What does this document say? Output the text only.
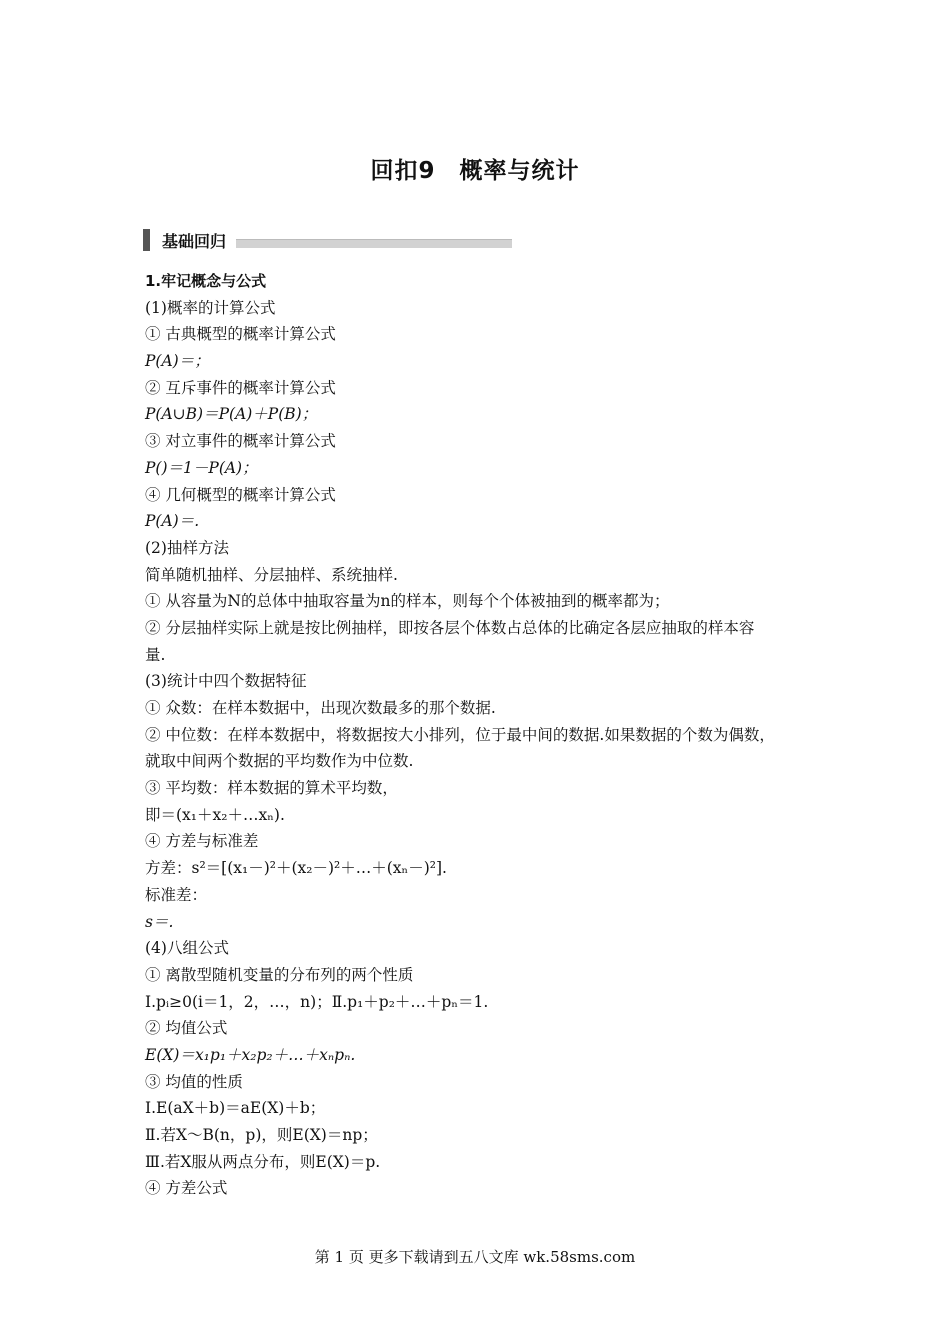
回扣9　概率与统计
基础回归
1.牢记概念与公式
(1)概率的计算公式
① 古典概型的概率计算公式
P(A)＝；
② 互斥事件的概率计算公式
P(A∪B)＝P(A)＋P(B)；
③ 对立事件的概率计算公式
P()＝1－P(A)；
④ 几何概型的概率计算公式
P(A)＝.
(2)抽样方法
简单随机抽样、分层抽样、系统抽样.
① 从容量为N的总体中抽取容量为n的样本，则每个个体被抽到的概率都为；
② 分层抽样实际上就是按比例抽样，即按各层个体数占总体的比确定各层应抽取的样本容
量.
(3)统计中四个数据特征
① 众数：在样本数据中，出现次数最多的那个数据.
② 中位数：在样本数据中，将数据按大小排列，位于最中间的数据.如果数据的个数为偶数，
就取中间两个数据的平均数作为中位数.
③ 平均数：样本数据的算术平均数，
即＝(x₁＋x₂＋…xₙ).
④ 方差与标准差
方差：s²＝[(x₁－)²＋(x₂－)²＋…＋(xₙ－)²].
标准差：
s＝.
(4)八组公式
① 离散型随机变量的分布列的两个性质
Ⅰ.pᵢ≥0(i＝1，2，…，n)；Ⅱ.p₁＋p₂＋…＋pₙ＝1.
② 均值公式
E(X)＝x₁p₁＋x₂p₂＋…＋xₙpₙ.
③ 均值的性质
Ⅰ.E(aX＋b)＝aE(X)＋b；
Ⅱ.若X～B(n，p)，则E(X)＝np；
Ⅲ.若X服从两点分布，则E(X)＝p.
④ 方差公式
第 1 页 更多下载请到五八文库 wk.58sms.com
